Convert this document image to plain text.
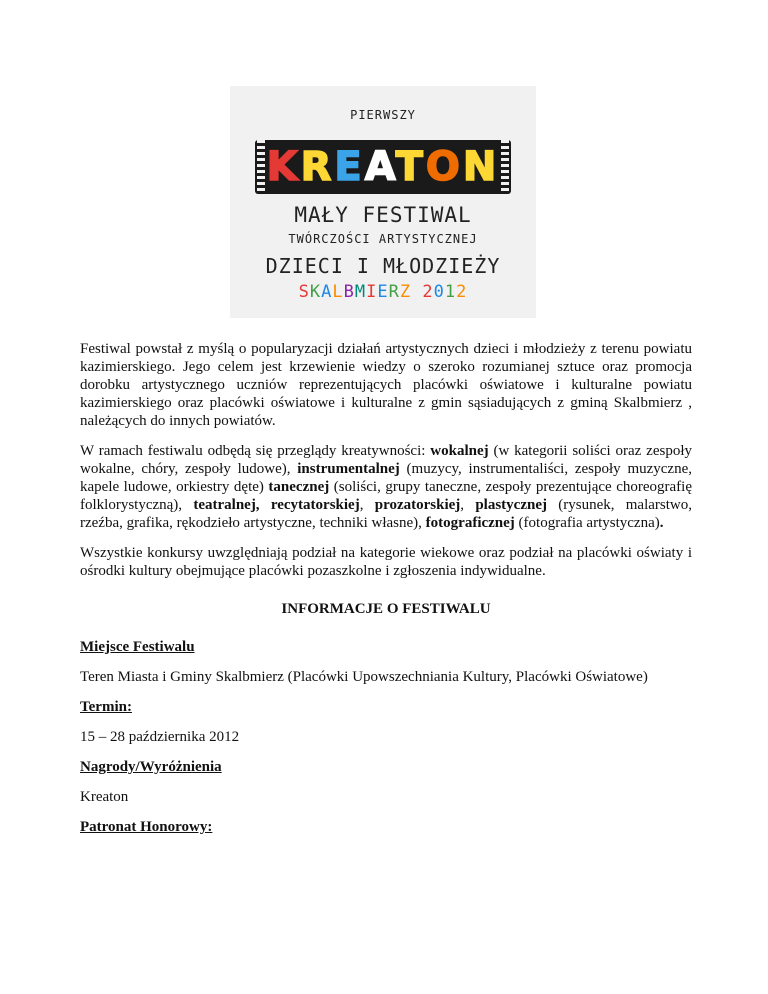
PIERWSZY
KREATON
MAŁY FESTIWAL
TWÓRCZOŚCI ARTYSTYCZNEJ
DZIECI I MŁODZIEŻY
SKALBMIERZ 2012

Festiwal powstał z myślą o popularyzacji działań artystycznych dzieci i młodzieży z terenu powiatu kazimierskiego. Jego celem jest krzewienie wiedzy o szeroko rozumianej sztuce oraz promocja dorobku artystycznego uczniów reprezentujących placówki oświatowe i kulturalne powiatu kazimierskiego oraz placówki oświatowe i kulturalne z gmin sąsiadujących z gminą Skalbmierz , należących do innych powiatów.

W ramach festiwalu odbędą się przeglądy kreatywności: wokalnej (w kategorii soliści oraz zespoły wokalne, chóry, zespoły ludowe), instrumentalnej (muzycy, instrumentaliści, zespoły muzyczne, kapele ludowe, orkiestry dęte) tanecznej (soliści, grupy taneczne, zespoły prezentujące choreografię folklorystyczną), teatralnej, recytatorskiej, prozatorskiej, plastycznej (rysunek, malarstwo, rzeźba, grafika, rękodzieło artystyczne, techniki własne), fotograficznej (fotografia artystyczna).

Wszystkie konkursy uwzględniają podział na kategorie wiekowe oraz podział na placówki oświaty i ośrodki kultury obejmujące placówki pozaszkolne i zgłoszenia indywidualne.

INFORMACJE O FESTIWALU

Miejsce Festiwalu

Teren Miasta i Gminy Skalbmierz (Placówki Upowszechniania Kultury, Placówki Oświatowe)

Termin:

15 – 28 października 2012

Nagrody/Wyróżnienia

Kreaton

Patronat Honorowy:
